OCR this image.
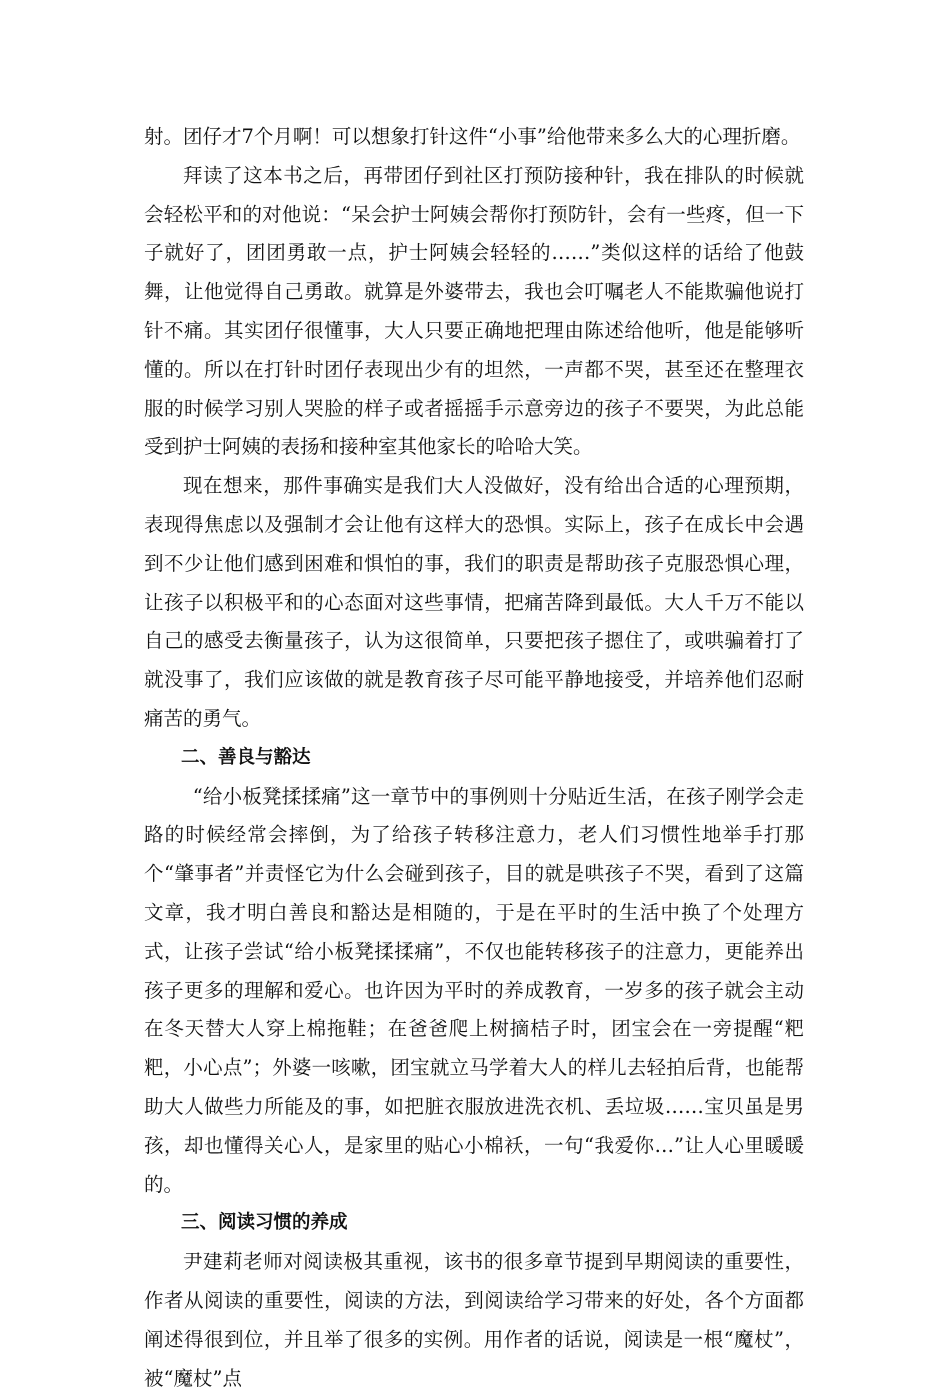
射。团仔才7个月啊！可以想象打针这件“小事”给他带来多么大的心理折磨。

拜读了这本书之后，再带团仔到社区打预防接种针，我在排队的时候就会轻松平和的对他说：“呆会护士阿姨会帮你打预防针，会有一些疼，但一下子就好了，团团勇敢一点，护士阿姨会轻轻的……”类似这样的话给了他鼓舞，让他觉得自己勇敢。就算是外婆带去，我也会叮嘱老人不能欺骗他说打针不痛。其实团仔很懂事，大人只要正确地把理由陈述给他听，他是能够听懂的。所以在打针时团仔表现出少有的坦然，一声都不哭，甚至还在整理衣服的时候学习别人哭脸的样子或者摇摇手示意旁边的孩子不要哭，为此总能受到护士阿姨的表扬和接种室其他家长的哈哈大笑。

现在想来，那件事确实是我们大人没做好，没有给出合适的心理预期，表现得焦虑以及强制才会让他有这样大的恐惧。实际上，孩子在成长中会遇到不少让他们感到困难和惧怕的事，我们的职责是帮助孩子克服恐惧心理，让孩子以积极平和的心态面对这些事情，把痛苦降到最低。大人千万不能以自己的感受去衡量孩子，认为这很简单，只要把孩子摁住了，或哄骗着打了就没事了，我们应该做的就是教育孩子尽可能平静地接受，并培养他们忍耐痛苦的勇气。

二、善良与豁达

“给小板凳揉揉痛”这一章节中的事例则十分贴近生活，在孩子刚学会走路的时候经常会摔倒，为了给孩子转移注意力，老人们习惯性地举手打那个“肇事者”并责怪它为什么会碰到孩子，目的就是哄孩子不哭，看到了这篇文章，我才明白善良和豁达是相随的，于是在平时的生活中换了个处理方式，让孩子尝试“给小板凳揉揉痛”，不仅也能转移孩子的注意力，更能养出孩子更多的理解和爱心。也许因为平时的养成教育，一岁多的孩子就会主动在冬天替大人穿上棉拖鞋；在爸爸爬上树摘桔子时，团宝会在一旁提醒“粑粑，小心点”；外婆一咳嗽，团宝就立马学着大人的样儿去轻拍后背，也能帮助大人做些力所能及的事，如把脏衣服放进洗衣机、丢垃圾……宝贝虽是男孩，却也懂得关心人，是家里的贴心小棉袄，一句“我爱你…”让人心里暖暖的。

三、阅读习惯的养成

尹建莉老师对阅读极其重视，该书的很多章节提到早期阅读的重要性，作者从阅读的重要性，阅读的方法，到阅读给学习带来的好处，各个方面都阐述得很到位，并且举了很多的实例。用作者的话说，阅读是一根“魔杖”，被“魔杖”点
